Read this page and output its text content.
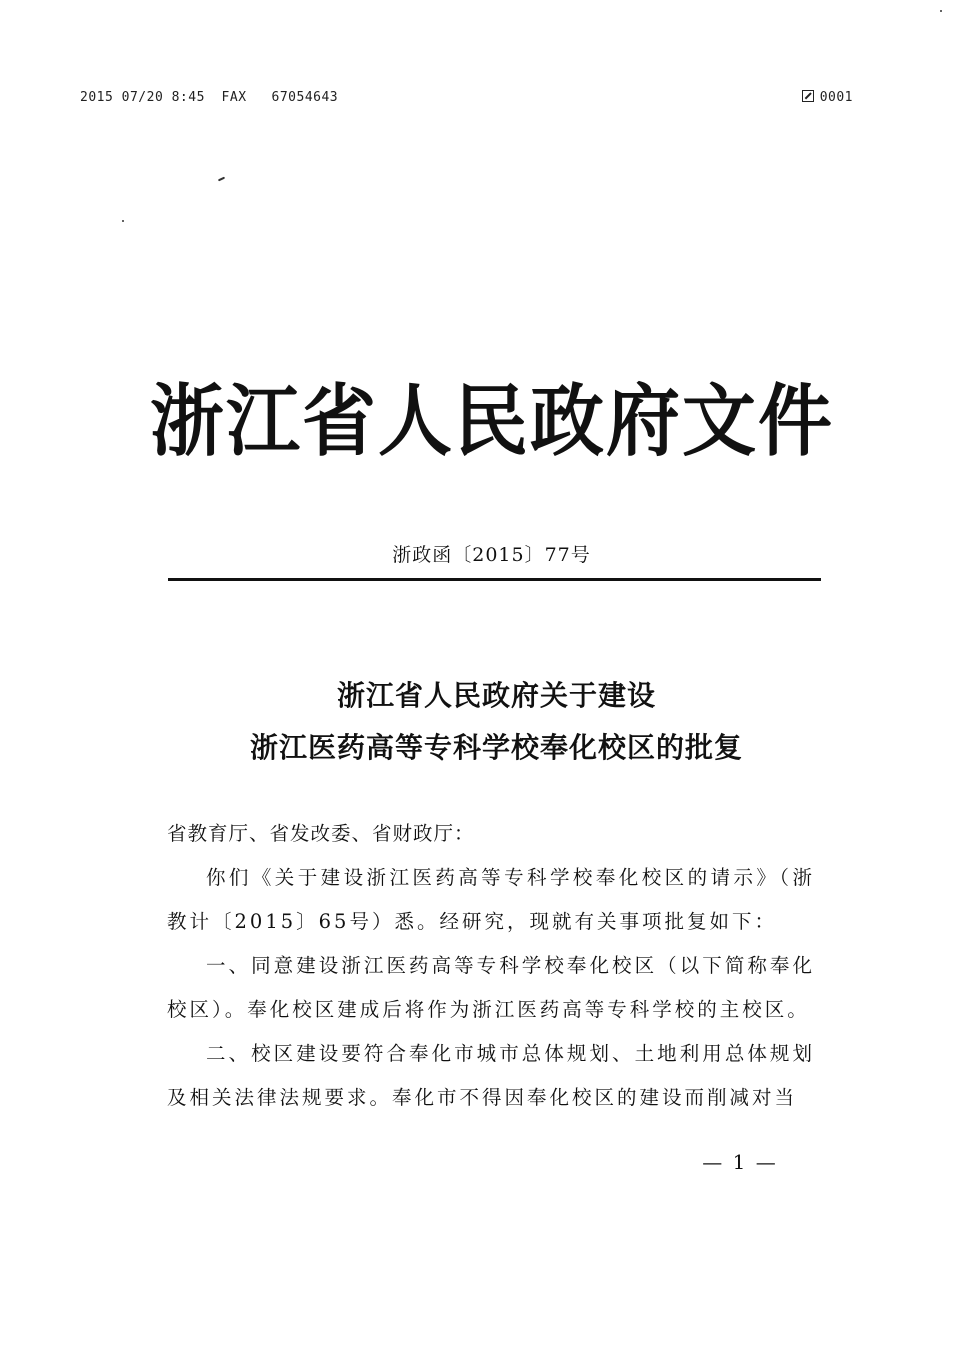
2015 07/20 8:45  FAX   67054643	0001
浙江省人民政府文件
浙政函〔2015〕77号
浙江省人民政府关于建设
浙江医药高等专科学校奉化校区的批复

省教育厅、省发改委、省财政厅：

你们《关于建设浙江医药高等专科学校奉化校区的请示》（浙教计〔2015〕65号）悉。经研究，现就有关事项批复如下：

一、同意建设浙江医药高等专科学校奉化校区（以下简称奉化校区）。奉化校区建成后将作为浙江医药高等专科学校的主校区。

二、校区建设要符合奉化市城市总体规划、土地利用总体规划及相关法律法规要求。奉化市不得因奉化校区的建设而削减对当

— 1 —
